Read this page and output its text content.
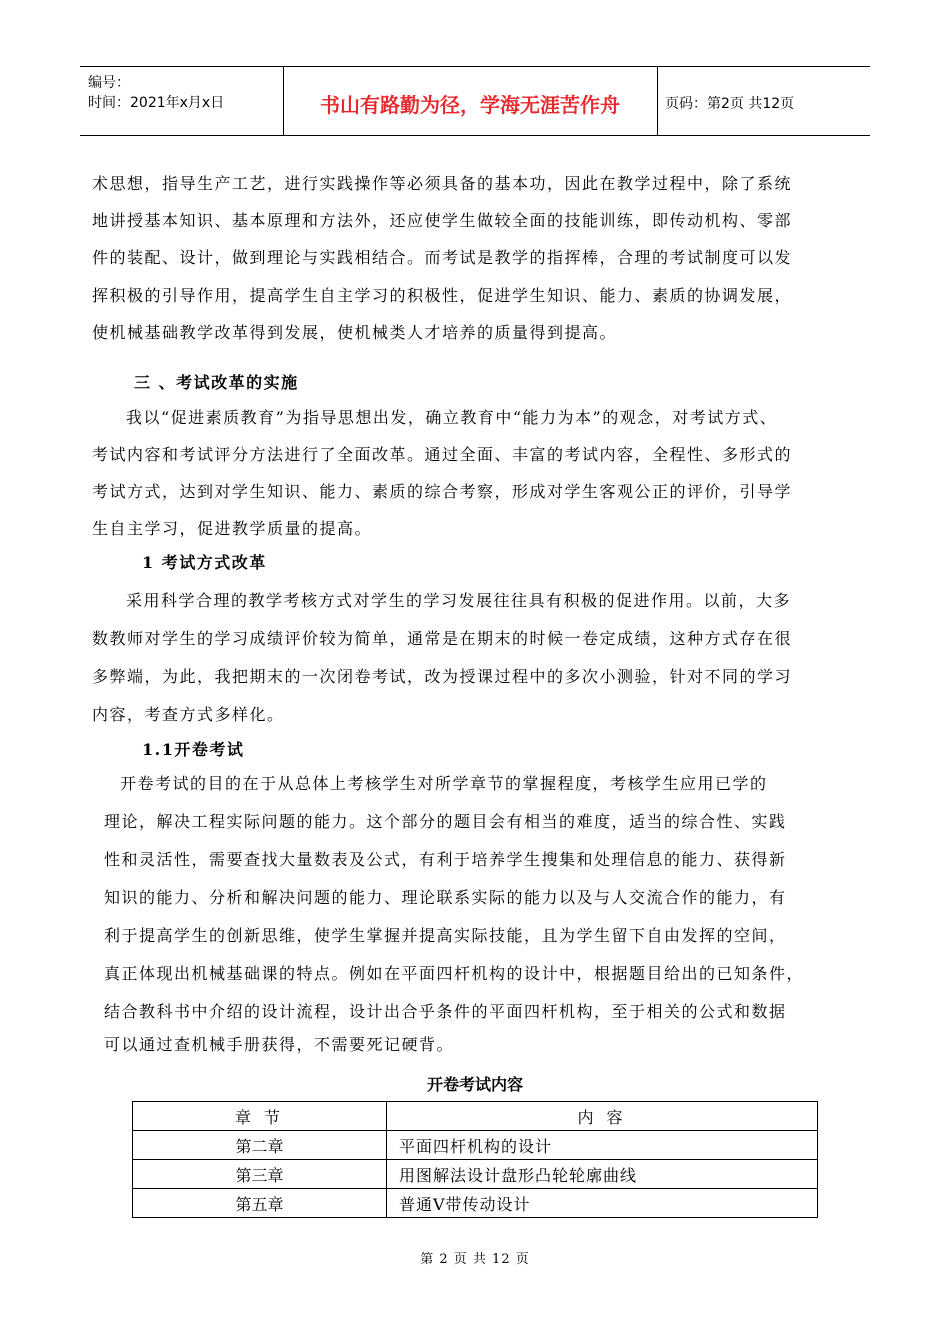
编号：
时间：2021年x月x日	书山有路勤为径，学海无涯苦作舟	页码：第2页 共12页
术思想，指导生产工艺，进行实践操作等必须具备的基本功，因此在教学过程中，除了系统
地讲授基本知识、基本原理和方法外，还应使学生做较全面的技能训练，即传动机构、零部
件的装配、设计，做到理论与实践相结合。而考试是教学的指挥棒，合理的考试制度可以发
挥积极的引导作用，提高学生自主学习的积极性，促进学生知识、能力、素质的协调发展，
使机械基础教学改革得到发展，使机械类人才培养的质量得到提高。
三 、考试改革的实施
我以“促进素质教育”为指导思想出发，确立教育中“能力为本”的观念，对考试方式、
考试内容和考试评分方法进行了全面改革。通过全面、丰富的考试内容，全程性、多形式的
考试方式，达到对学生知识、能力、素质的综合考察，形成对学生客观公正的评价，引导学
生自主学习，促进教学质量的提高。
1 考试方式改革
采用科学合理的教学考核方式对学生的学习发展往往具有积极的促进作用。以前，大多
数教师对学生的学习成绩评价较为简单，通常是在期末的时候一卷定成绩，这种方式存在很
多弊端，为此，我把期末的一次闭卷考试，改为授课过程中的多次小测验，针对不同的学习
内容，考查方式多样化。
1.1开卷考试
开卷考试的目的在于从总体上考核学生对所学章节的掌握程度，考核学生应用已学的
理论，解决工程实际问题的能力。这个部分的题目会有相当的难度，适当的综合性、实践
性和灵活性，需要查找大量数表及公式，有利于培养学生搜集和处理信息的能力、获得新
知识的能力、分析和解决问题的能力、理论联系实际的能力以及与人交流合作的能力，有
利于提高学生的创新思维，使学生掌握并提高实际技能，且为学生留下自由发挥的空间，
真正体现出机械基础课的特点。例如在平面四杆机构的设计中，根据题目给出的已知条件，
结合教科书中介绍的设计流程，设计出合乎条件的平面四杆机构，至于相关的公式和数据
可以通过查机械手册获得，不需要死记硬背。
开卷考试内容
章 节	内 容
第二章	平面四杆机构的设计
第三章	用图解法设计盘形凸轮轮廓曲线
第五章	普通V带传动设计
第 2 页 共 12 页
